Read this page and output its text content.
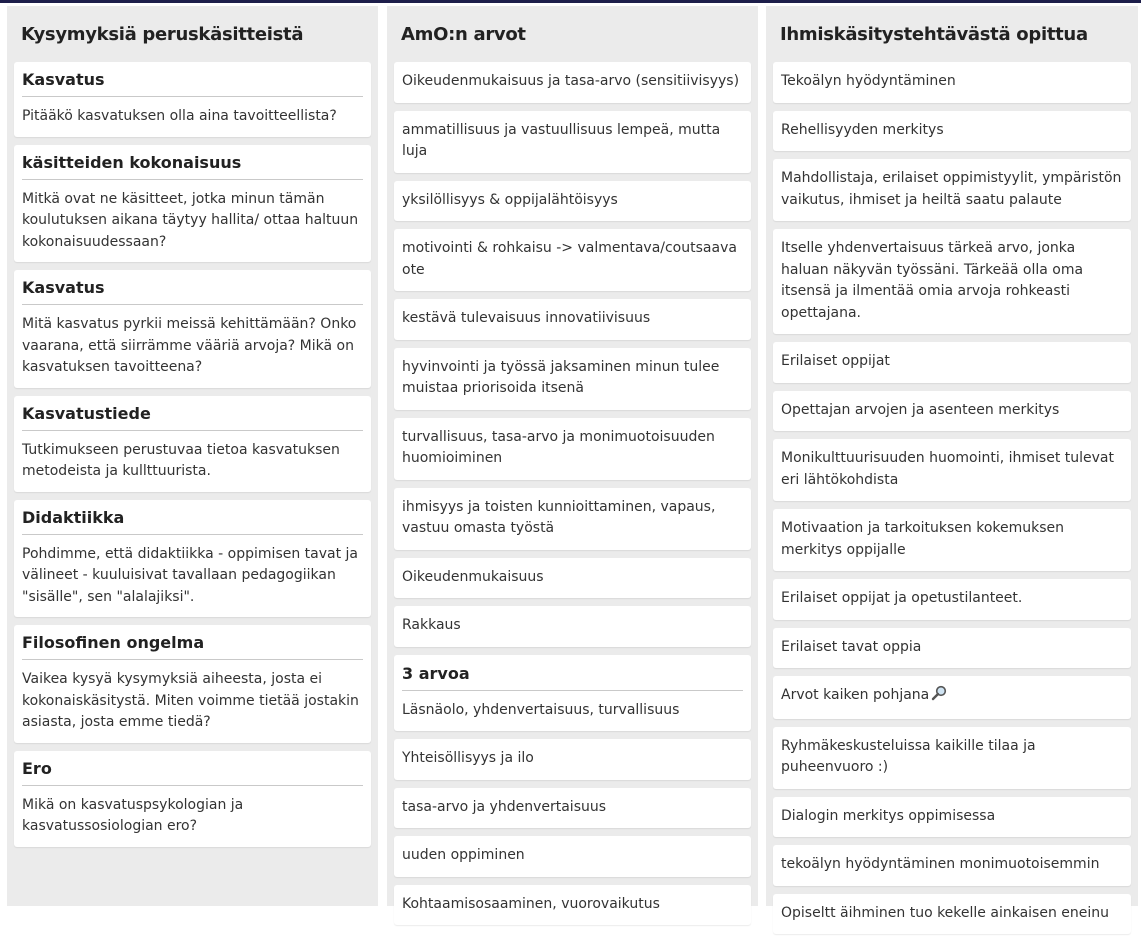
Kysymyksiä peruskäsitteistä
Kasvatus
Pitääkö kasvatuksen olla aina tavoitteellista?
käsitteiden kokonaisuus
Mitkä ovat ne käsitteet, jotka minun tämän koulutuksen aikana täytyy hallita/ ottaa haltuun kokonaisuudessaan?
Kasvatus
Mitä kasvatus pyrkii meissä kehittämään? Onko vaarana, että siirrämme vääriä arvoja? Mikä on kasvatuksen tavoitteena?
Kasvatustiede
Tutkimukseen perustuvaa tietoa kasvatuksen metodeista ja kullttuurista.
Didaktiikka
Pohdimme, että didaktiikka - oppimisen tavat ja välineet - kuuluisivat tavallaan pedagogiikan "sisälle", sen "alalajiksi".
Filosofinen ongelma
Vaikea kysyä kysymyksiä aiheesta, josta ei kokonaiskäsitystä. Miten voimme tietää jostakin asiasta, josta emme tiedä?
Ero
Mikä on kasvatuspsykologian ja kasvatussosiologian ero?
AmO:n arvot
Oikeudenmukaisuus ja tasa-arvo (sensitiivisyys)
ammatillisuus ja vastuullisuus lempeä, mutta luja
yksilöllisyys & oppijalähtöisyys
motivointi & rohkaisu -> valmentava/coutsaava ote
kestävä tulevaisuus innovatiivisuus
hyvinvointi ja työssä jaksaminen minun tulee muistaa priorisoida itsenä
turvallisuus, tasa-arvo ja monimuotoisuuden huomioiminen
ihmisyys ja toisten kunnioittaminen, vapaus, vastuu omasta työstä
Oikeudenmukaisuus
Rakkaus
3 arvoa
Läsnäolo, yhdenvertaisuus, turvallisuus
Yhteisöllisyys ja ilo
tasa-arvo ja yhdenvertaisuus
uuden oppiminen
Kohtaamisosaaminen, vuorovaikutus
Ihmiskäsitystehtävästä opittua
Tekoälyn hyödyntäminen
Rehellisyyden merkitys
Mahdollistaja, erilaiset oppimistyylit, ympäristön vaikutus, ihmiset ja heiltä saatu palaute
Itselle yhdenvertaisuus tärkeä arvo, jonka haluan näkyvän työssäni. Tärkeää olla oma itsensä ja ilmentää omia arvoja rohkeasti opettajana.
Erilaiset oppijat
Opettajan arvojen ja asenteen merkitys
Monikulttuurisuuden huomointi, ihmiset tulevat eri lähtökohdista
Motivaation ja tarkoituksen kokemuksen merkitys oppijalle
Erilaiset oppijat ja opetustilanteet.
Erilaiset tavat oppia
Arvot kaiken pohjana
Ryhmäkeskusteluissa kaikille tilaa ja puheenvuoro :)
Dialogin merkitys oppimisessa
tekoälyn hyödyntäminen monimuotoisemmin
Opiseltt äihminen tuo kekelle ainkaisen eneinu
